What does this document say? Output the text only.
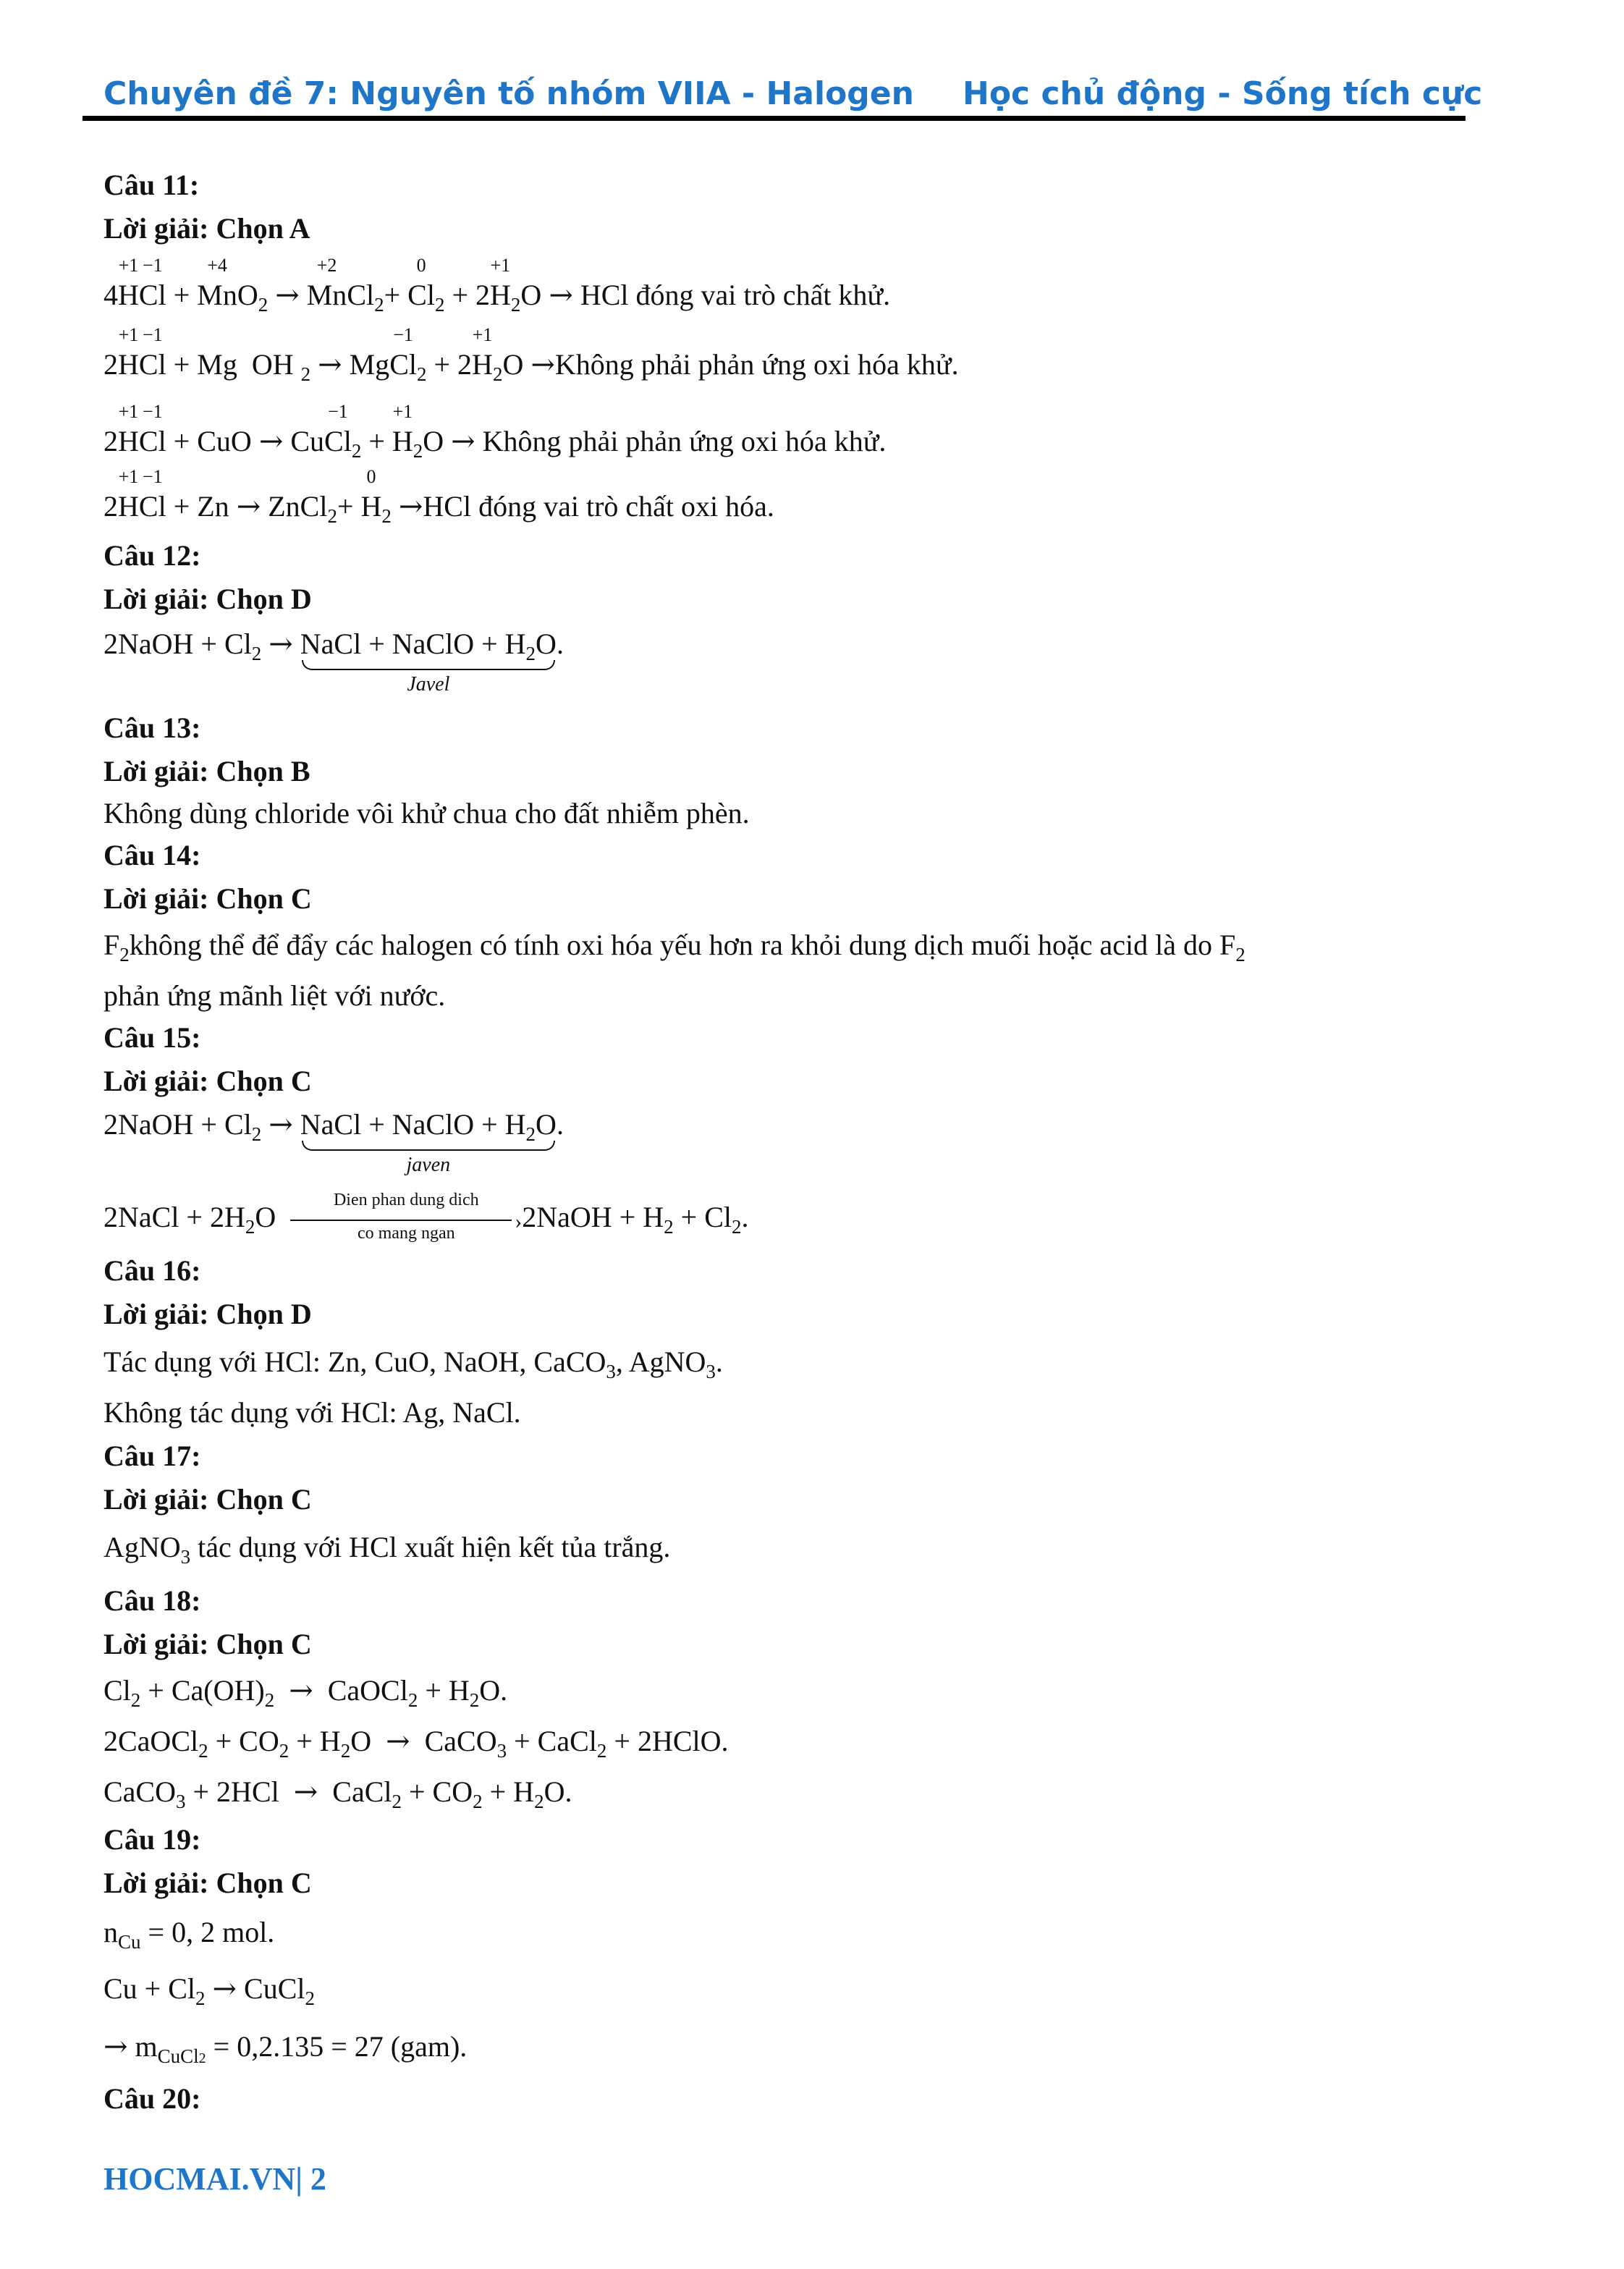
Chuyên đề 7: Nguyên tố nhóm VIIA - Halogen Học chủ động - Sống tích cực
Câu 11:
Lời giải: Chọn A
4H
+1
Cl
−1
+ Mn
+4
$O_2 \to Mn$
+2
$Cl_2+ Cl$
0
$_2$ + 2H
+1
$_2$O → HCl đóng vai trò chất khử.
2H
+1
Cl
−1
+ Mg  OH $_2$ → MgCl
−1
$_2$ + 2H
+1
$_2$O →Không phải phản ứng oxi hóa khử.
2H
+1
Cl
−1
+ CuO → CuCl
−1
$_2$ + H
+1
$_2$O → Không phải phản ứng oxi hóa khử.
2H
+1
Cl
−1
+ Zn → ZnCl$_2$+ H
0
$_2$ →HCl đóng vai trò chất oxi hóa.
Câu 12:
Lời giải: Chọn D
2NaOH + $Cl_2$ → NaCl + NaClO + $H_2O$
Javel
.
Câu 13:
Lời giải: Chọn B
Không dùng chloride vôi khử chua cho đất nhiễm phèn.
Câu 14:
Lời giải: Chọn C
$F_2không$ thể để đẩy các halogen có tính oxi hóa yếu hơn ra khỏi dung dịch muối hoặc acid là do $F_2$
phản ứng mãnh liệt với nước.
Câu 15:
Lời giải: Chọn C
2NaOH + $Cl_2$ → NaCl + NaClO + $H_2O$
javen
.
2NaCl + $2H_2O$
Dien phan dung dich
›
co mang ngan	2NaOH + $H_2 + Cl_2$.
Câu 16:
Lời giải: Chọn D
Tác dụng với HCl: Zn, CuO, NaOH, CaCO$_3$, AgNO$_3$.
Không tác dụng với HCl: Ag, NaCl.
Câu 17:
Lời giải: Chọn C
AgNO$_3$ tác dụng với HCl xuất hiện kết tủa trắng.
Câu 18:
Lời giải: Chọn C
$Cl_2 + Ca(OH)_2$ →  CaOCl$_2$ + $H_2O$.
2CaOCl$_2$ + $CO_2 + H_2O$  →  CaCO$_3$ + CaCl$_2$ + 2HClO.
CaCO$_3$ + 2HCl  →  CaCl$_2$ + $CO_2 + H_2O$.
Câu 19:
Lời giải: Chọn C
$n_{Cu} = 0$, 2 mol.
$Cu + Cl_2$ → CuCl$_2$
→ $m_{CuCl2} = 0,2.135 = 27$ (gam).
Câu 20:
HOCMAI.VN| 2
